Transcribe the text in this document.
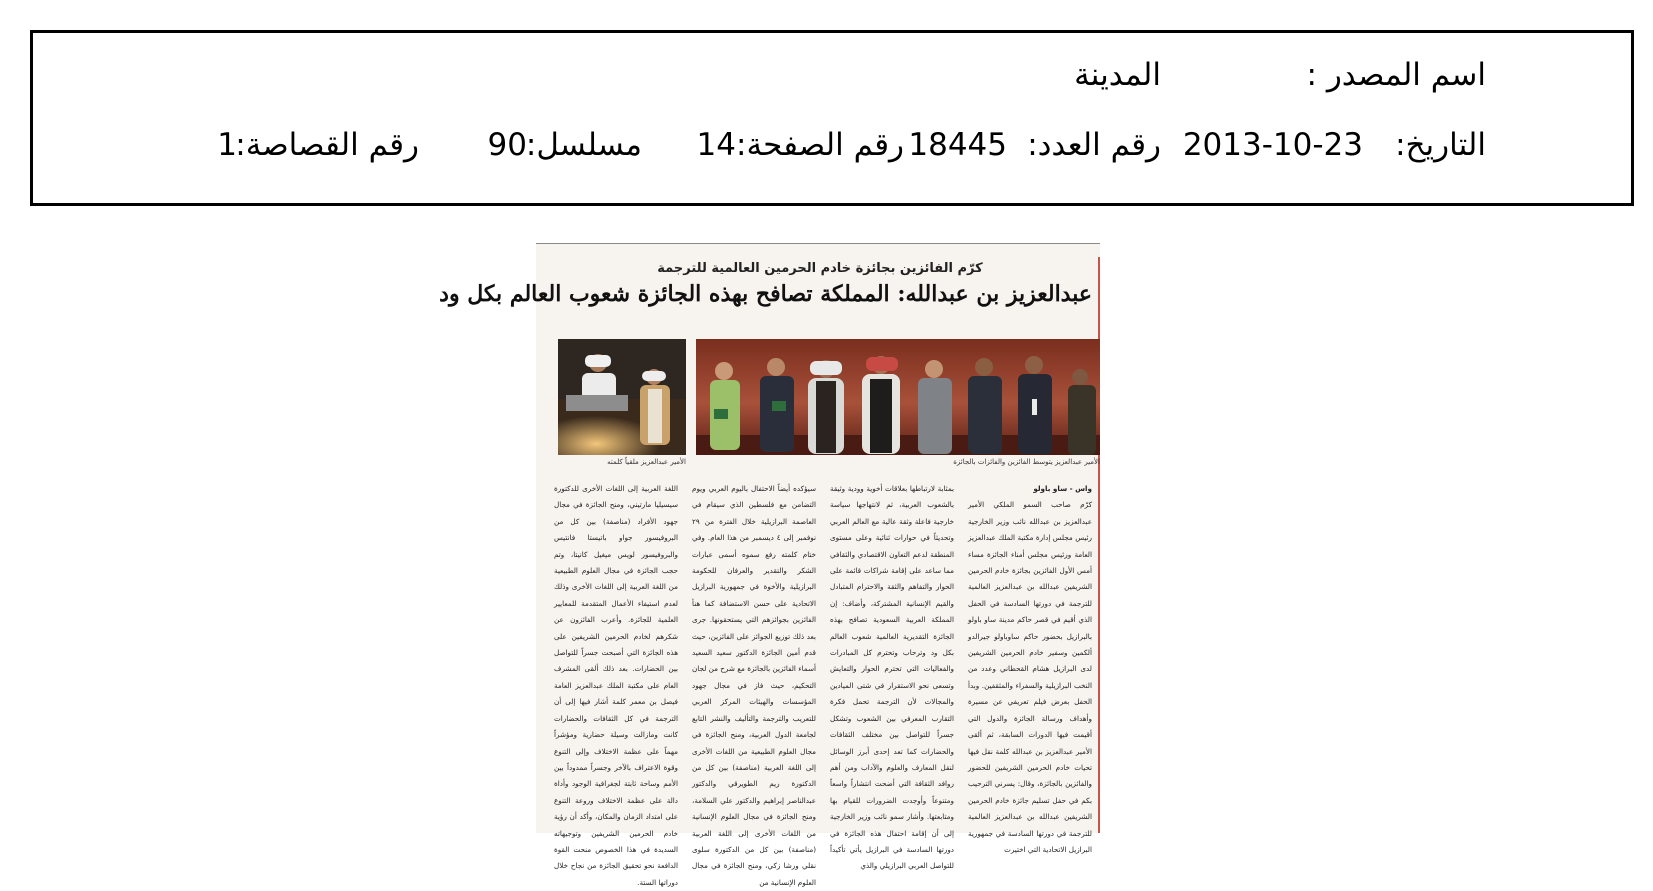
اسم المصدر :
المدينة
التاريخ:
2013-10-23
رقم العدد:
18445
رقم الصفحة:
14
مسلسل:
90
رقم القصاصة:
1
كرّم الفائزين بجائزة خادم الحرمين العالمية للترجمة
عبدالعزيز بن عبدالله: المملكة تصافح بهذه الجائزة شعوب العالم بكل ود
الأمير عبدالعزيز يتوسط الفائزين والفائزات بالجائزة
الأمير عبدالعزيز ملقياً كلمته
واس - ساو باولو
كرّم صاحب السمو الملكي الأمير عبدالعزيز بن عبدالله نائب وزير الخارجية رئيس مجلس إدارة مكتبة الملك عبدالعزيز العامة ورئيس مجلس أمناء الجائزة مساء أمس الأول الفائزين بجائزة خادم الحرمين الشريفين عبدالله بن عبدالعزيز العالمية للترجمة في دورتها السادسة في الحفل الذي أقيم في قصر حاكم مدينة ساو باولو بالبرازيل بحضور حاكم ساوباولو جيرالدو ألكمين وسفير خادم الحرمين الشريفين لدى البرازيل هشام القحطاني وعدد من النخب البرازيلية والسفراء والمثقفين. وبدأ الحفل بعرض فيلم تعريفي عن مسيرة وأهداف ورسالة الجائزة والدول التي أقيمت فيها الدورات السابقة، ثم ألقى الأمير عبدالعزيز بن عبدالله كلمة نقل فيها تحيات خادم الحرمين الشريفين للحضور والفائزين بالجائزة، وقال: يسرني الترحيب بكم في حفل تسليم جائزة خادم الحرمين الشريفين عبدالله بن عبدالعزيز العالمية للترجمة في دورتها السادسة في جمهورية البرازيل الاتحادية التي اختيرت
بمثابة لارتباطها بعلاقات أخوية وودية وثيقة بالشعوب العربية، ثم لانتهاجها سياسة خارجية فاعلة وثقة عالية مع العالم العربي وتحديثاً في حوارات ثنائية وعلى مستوى المنطقة لدعم التعاون الاقتصادي والثقافي مما ساعد على إقامة شراكات قائمة على الحوار والتفاهم والثقة والاحترام المتبادل والقيم الإنسانية المشتركة، وأضاف: إن المملكة العربية السعودية تصافح بهذه الجائزة التقديرية العالمية شعوب العالم بكل ود وترحاب وتحترم كل المبادرات والفعاليات التي تحترم الحوار والتعايش وتسعى نحو الاستقرار في شتى الميادين والمجالات لأن الترجمة تحمل فكرة التقارب المعرفي بين الشعوب وتشكل جسراً للتواصل بين مختلف الثقافات والحضارات كما تعد إحدى أبرز الوسائل لنقل المعارف والعلوم والآداب ومن أهم روافد الثقافة التي أضحت انتشاراً واسعاً ومتنوعاً وأوجدت الضرورات للقيام بها ومتابعتها. وأشار سمو نائب وزير الخارجية إلى أن إقامة احتفال هذه الجائزة في دورتها السادسة في البرازيل يأتي تأكيداً للتواصل العربي البرازيلي والذي
سيؤكده أيضاً الاحتفال باليوم العربي ويوم التضامن مع فلسطين الذي سيقام في العاصمة البرازيلية خلال الفترة من ٢٩ نوفمبر إلى ٤ ديسمبر من هذا العام. وفي ختام كلمته رفع سموه أسمى عبارات الشكر والتقدير والعرفان للحكومة البرازيلية والأخوة في جمهورية البرازيل الاتحادية على حسن الاستضافة كما هنأ الفائزين بجوائزهم التي يستحقونها. جرى بعد ذلك توزيع الجوائز على الفائزين، حيث قدم أمين الجائزة الدكتور سعيد السعيد أسماء الفائزين بالجائزة مع شرح من لجان التحكيم، حيث فاز في مجال جهود المؤسسات والهيئات المركز العربي للتعريب والترجمة والتأليف والنشر التابع لجامعة الدول العربية، ومنح الجائزة في مجال العلوم الطبيعية من اللغات الأخرى إلى اللغة العربية (مناصفة) بين كل من الدكتورة ريم الطويرقي والدكتور عبدالناصر إبراهيم والدكتور علي السلامة، ومنح الجائزة في مجال العلوم الإنسانية من اللغات الأخرى إلى اللغة العربية (مناصفة) بين كل من الدكتورة سلوى نقلي ورشا زكي، ومنح الجائزة في مجال العلوم الإنسانية من
اللغة العربية إلى اللغات الأخرى للدكتورة سيسيليا مارتيني، ومنح الجائزة في مجال جهود الأفراد (مناصفة) بين كل من البروفيسور جواو باتيستا فانتيس والبروفيسور لويس ميغيل كانيتا، وتم حجب الجائزة في مجال العلوم الطبيعية من اللغة العربية إلى اللغات الأخرى وذلك لعدم استيفاء الأعمال المتقدمة للمعايير العلمية للجائزة. وأعرب الفائزون عن شكرهم لخادم الحرمين الشريفين على هذه الجائزة التي أصبحت جسراً للتواصل بين الحضارات. بعد ذلك ألقى المشرف العام على مكتبة الملك عبدالعزيز العامة فيصل بن معمر كلمة أشار فيها إلى أن الترجمة في كل الثقافات والحضارات كانت ومازالت وسيلة حضارية ومؤشراً مهماً على عظمة الاختلاف وإلى التنوع وقوة الاعتراف بالآخر وجسراً ممدوداً بين الأمم وساحة ثابتة لجغرافية الوجود وأداة دالة على عظمة الاختلاف وروعة التنوع على امتداد الزمان والمكان، وأكد أن رؤية خادم الحرمين الشريفين وتوجيهاته السديدة في هذا الخصوص منحت القوة الدافعة نحو تحقيق الجائزة من نجاح خلال دوراتها الستة.
